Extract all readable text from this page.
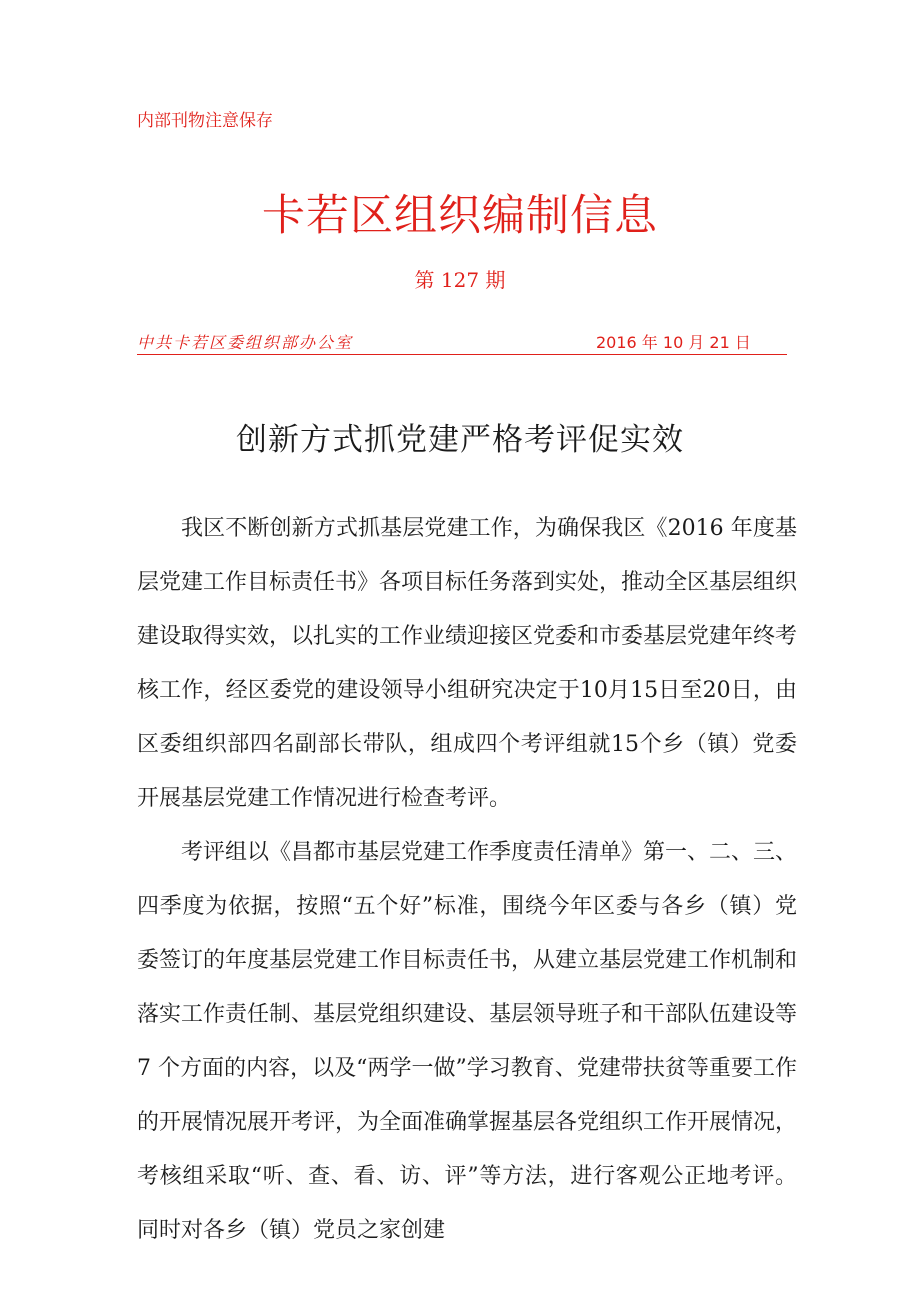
内部刊物注意保存
卡若区组织编制信息
第 127 期
中共卡若区委组织部办公室	2016 年 10 月 21 日
创新方式抓党建严格考评促实效

我区不断创新方式抓基层党建工作，为确保我区《2016 年度基层党建工作目标责任书》各项目标任务落到实处，推动全区基层组织建设取得实效，以扎实的工作业绩迎接区党委和市委基层党建年终考核工作，经区委党的建设领导小组研究决定于10月15日至20日，由区委组织部四名副部长带队，组成四个考评组就15个乡（镇）党委开展基层党建工作情况进行检查考评。

考评组以《昌都市基层党建工作季度责任清单》第一、二、三、四季度为依据，按照“五个好”标准，围绕今年区委与各乡（镇）党委签订的年度基层党建工作目标责任书，从建立基层党建工作机制和落实工作责任制、基层党组织建设、基层领导班子和干部队伍建设等 7 个方面的内容，以及“两学一做”学习教育、党建带扶贫等重要工作的开展情况展开考评，为全面准确掌握基层各党组织工作开展情况，考核组采取“听、查、看、访、评”等方法，进行客观公正地考评。同时对各乡（镇）党员之家创建
